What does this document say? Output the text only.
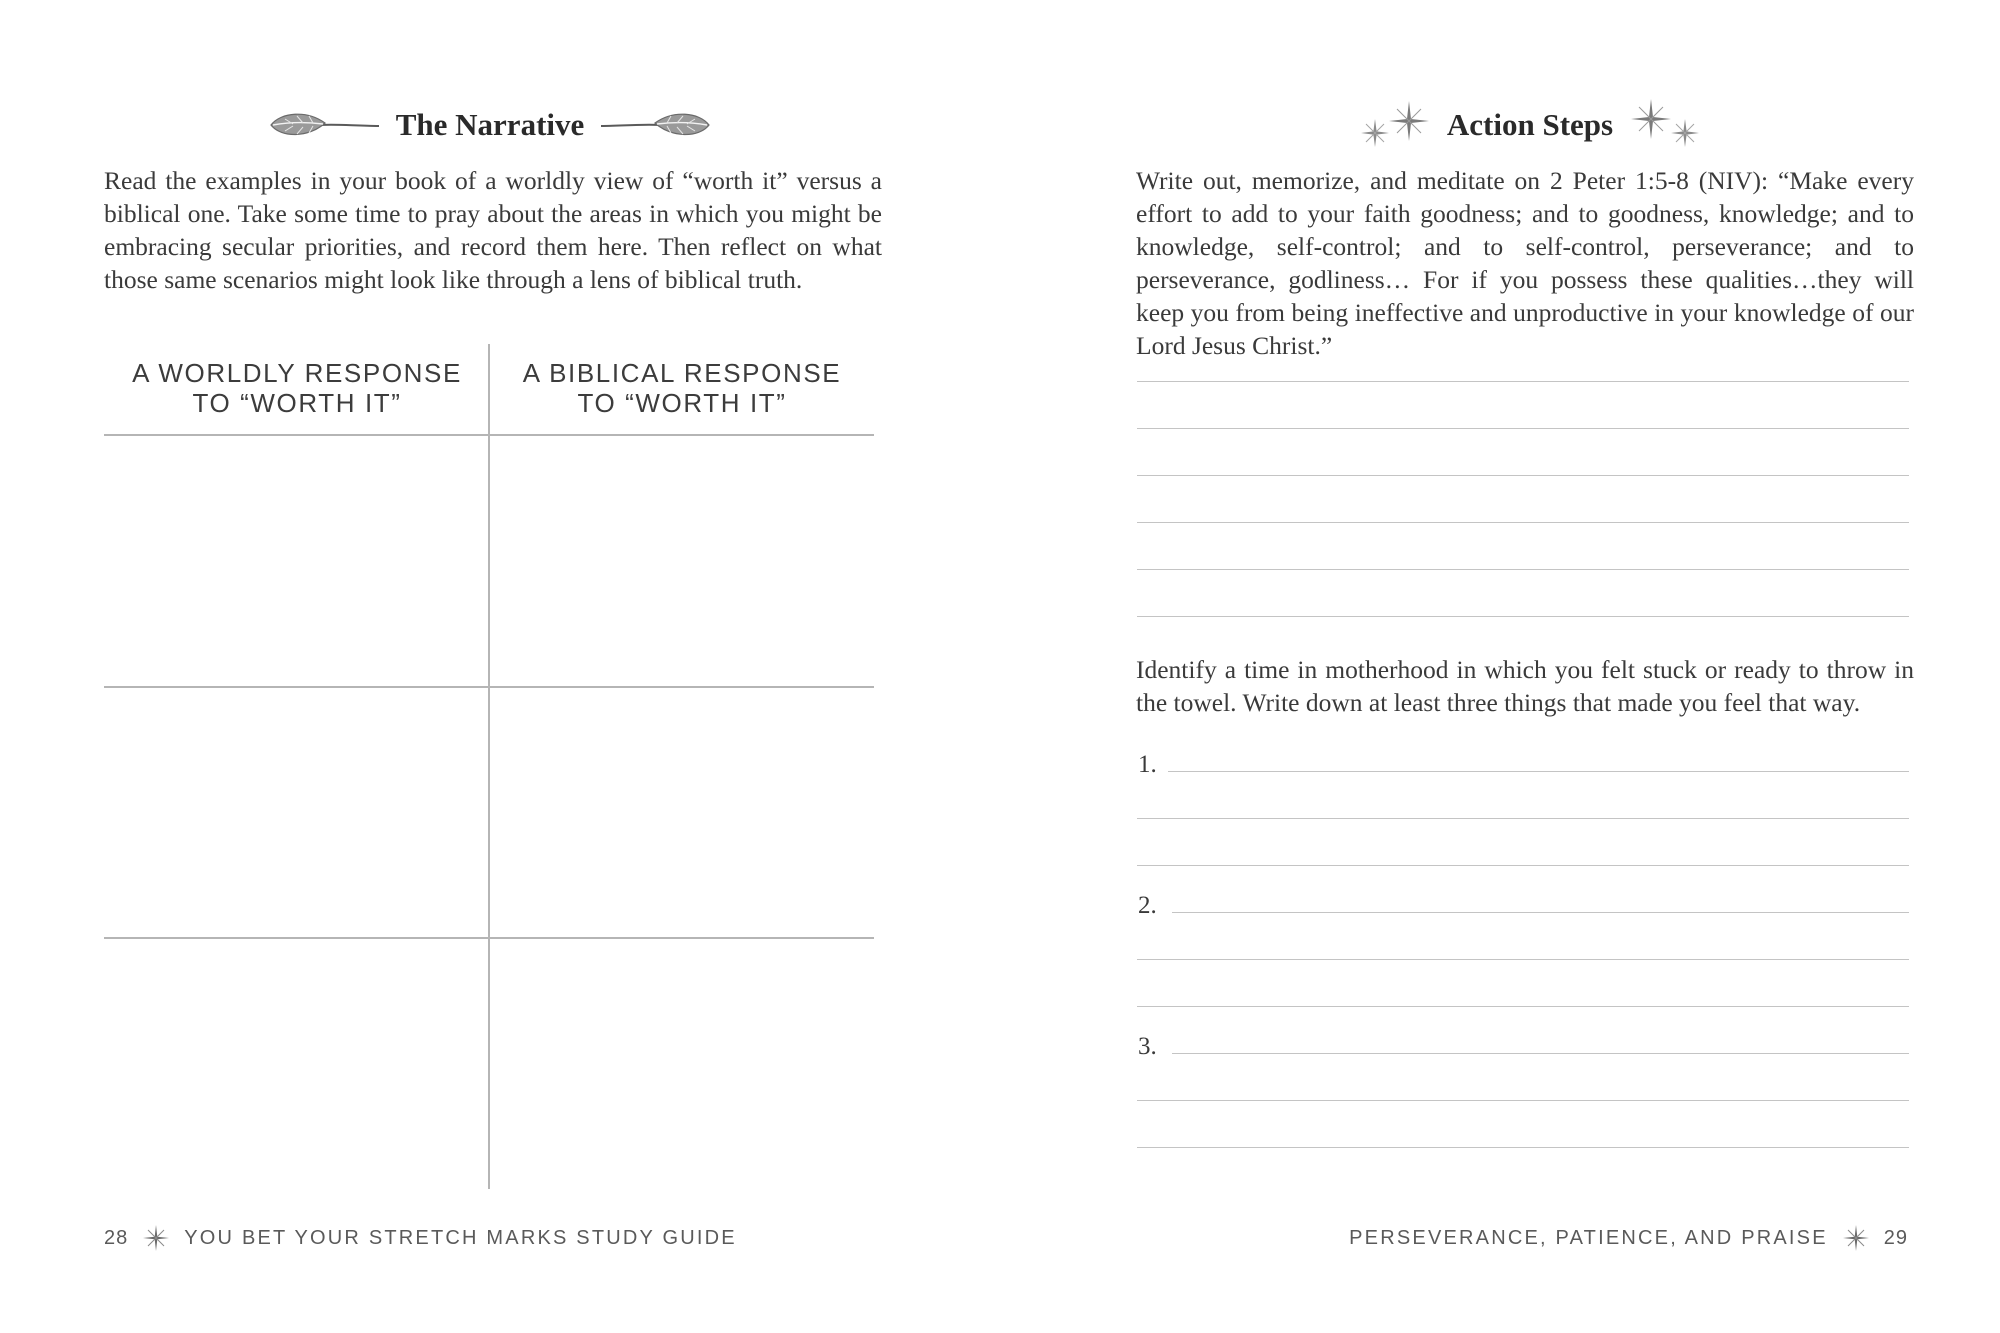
The Narrative

Read the examples in your book of a worldly view of “worth it” versus a biblical one. Take some time to pray about the areas in which you might be embracing secular priorities, and record them here. Then reflect on what those same scenarios might look like through a lens of biblical truth.

A WORLDLY RESPONSE
TO “WORTH IT”
A BIBLICAL RESPONSE
TO “WORTH IT”
28	YOU BET YOUR STRETCH MARKS STUDY GUIDE
Action Steps

Write out, memorize, and meditate on 2 Peter 1:5-8 (NIV): “Make every effort to add to your faith goodness; and to goodness, knowledge; and to knowledge, self-control; and to self-control, perseverance; and to perseverance, godliness… For if you possess these qualities…they will keep you from being ineffective and unproductive in your knowledge of our Lord Jesus Christ.”

Identify a time in motherhood in which you felt stuck or ready to throw in the towel. Write down at least three things that made you feel that way.

1.
2.
3.
PERSEVERANCE, PATIENCE, AND PRAISE	29
